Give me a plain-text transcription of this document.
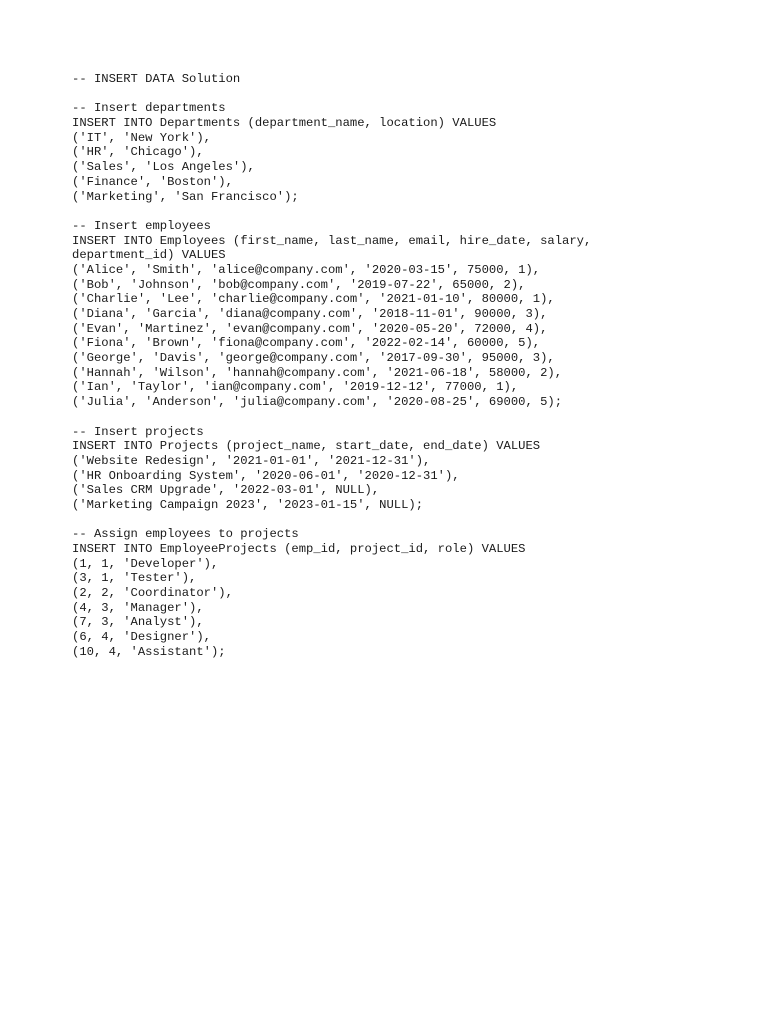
-- INSERT DATA Solution
-- Insert departments
INSERT INTO Departments (department_name, location) VALUES
('IT', 'New York'),
('HR', 'Chicago'),
('Sales', 'Los Angeles'),
('Finance', 'Boston'),
('Marketing', 'San Francisco');
-- Insert employees
INSERT INTO Employees (first_name, last_name, email, hire_date, salary,
department_id) VALUES
('Alice', 'Smith', 'alice@company.com', '2020-03-15', 75000, 1),
('Bob', 'Johnson', 'bob@company.com', '2019-07-22', 65000, 2),
('Charlie', 'Lee', 'charlie@company.com', '2021-01-10', 80000, 1),
('Diana', 'Garcia', 'diana@company.com', '2018-11-01', 90000, 3),
('Evan', 'Martinez', 'evan@company.com', '2020-05-20', 72000, 4),
('Fiona', 'Brown', 'fiona@company.com', '2022-02-14', 60000, 5),
('George', 'Davis', 'george@company.com', '2017-09-30', 95000, 3),
('Hannah', 'Wilson', 'hannah@company.com', '2021-06-18', 58000, 2),
('Ian', 'Taylor', 'ian@company.com', '2019-12-12', 77000, 1),
('Julia', 'Anderson', 'julia@company.com', '2020-08-25', 69000, 5);
-- Insert projects
INSERT INTO Projects (project_name, start_date, end_date) VALUES
('Website Redesign', '2021-01-01', '2021-12-31'),
('HR Onboarding System', '2020-06-01', '2020-12-31'),
('Sales CRM Upgrade', '2022-03-01', NULL),
('Marketing Campaign 2023', '2023-01-15', NULL);
-- Assign employees to projects
INSERT INTO EmployeeProjects (emp_id, project_id, role) VALUES
(1, 1, 'Developer'),
(3, 1, 'Tester'),
(2, 2, 'Coordinator'),
(4, 3, 'Manager'),
(7, 3, 'Analyst'),
(6, 4, 'Designer'),
(10, 4, 'Assistant');
